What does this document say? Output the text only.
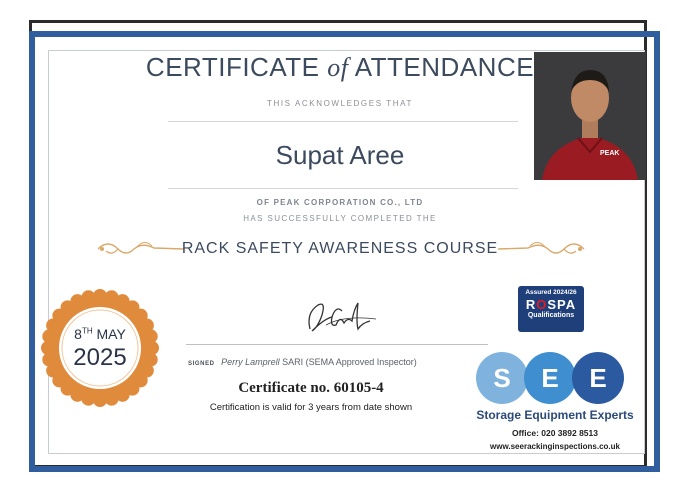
CERTIFICATE of ATTENDANCE
THIS ACKNOWLEDGES THAT
Supat Aree
OF PEAK CORPORATION CO., LTD
HAS SUCCESSFULLY COMPLETED THE
RACK SAFETY AWARENESS COURSE
PEAK
8TH MAY
2025	SIGNED Perry Lamprell SARI (SEMA Approved Inspector)
Certificate no. 60105-4
Certification is valid for 3 years from date shown
Assured 2024/26
ROSPA
Qualifications
S	E	E
Storage Equipment Experts
Office: 020 3892 8513
www.seerackinginspections.co.uk
